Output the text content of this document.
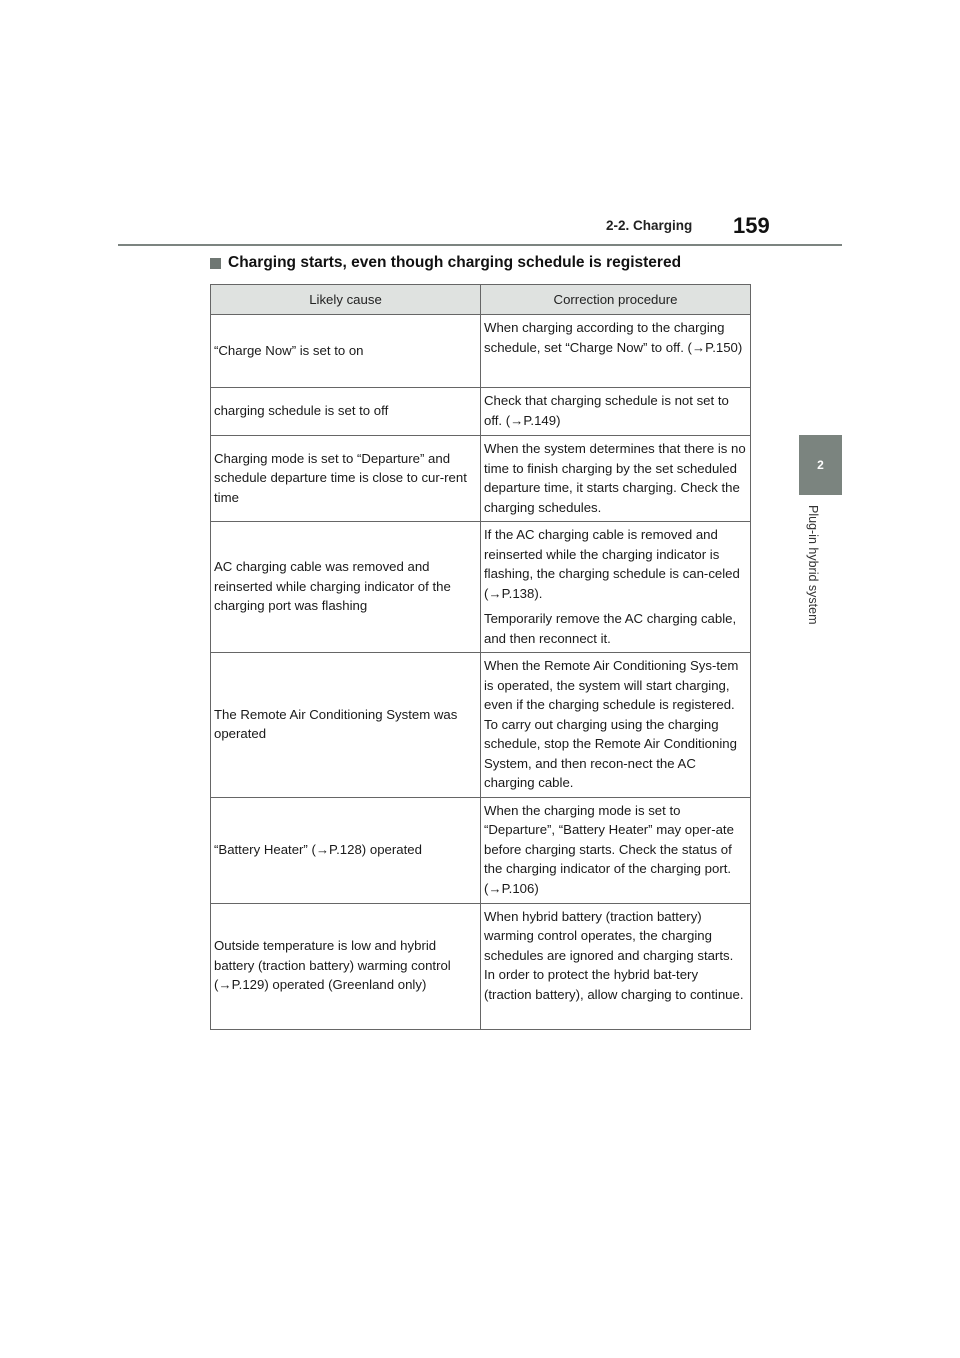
2-2. Charging 159
2
Plug-in hybrid system
Charging starts, even though charging schedule is registered
Likely cause	Correction procedure
“Charge Now” is set to on	When charging according to the charging schedule, set “Charge Now” to off. (→P.150)

charging schedule is set to off	Check that charging schedule is not set to off. (→P.149)

Charging mode is set to “Departure” and schedule departure time is close to cur-rent time	When the system determines that there is no time to finish charging by the set scheduled departure time, it starts charging. Check the charging schedules.

AC charging cable was removed and reinserted while charging indicator of the charging port was flashing	If the AC charging cable is removed and reinserted while the charging indicator is flashing, the charging schedule is can-celed (→P.138).
Temporarily remove the AC charging cable, and then reconnect it.

The Remote Air Conditioning System was operated	When the Remote Air Conditioning Sys-tem is operated, the system will start charging, even if the charging schedule is registered. To carry out charging using the charging schedule, stop the Remote Air Conditioning System, and then recon-nect the AC charging cable.

“Battery Heater” (→P.128) operated	When the charging mode is set to “Departure”, “Battery Heater” may oper-ate before charging starts. Check the status of the charging indicator of the charging port. (→P.106)

Outside temperature is low and hybrid battery (traction battery) warming control (→P.129) operated (Greenland only)	When hybrid battery (traction battery) warming control operates, the charging schedules are ignored and charging starts. In order to protect the hybrid bat-tery (traction battery), allow charging to continue.
